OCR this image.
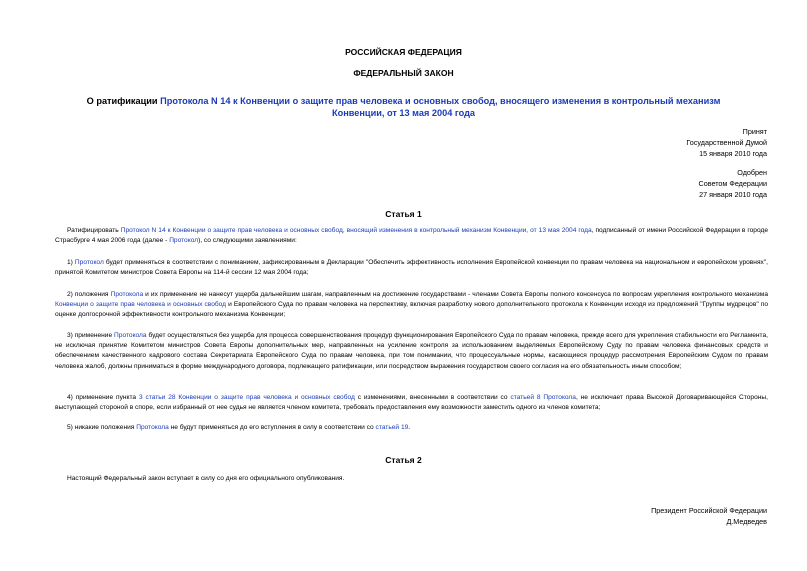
РОССИЙСКАЯ ФЕДЕРАЦИЯ
ФЕДЕРАЛЬНЫЙ ЗАКОН
О ратификации Протокола N 14 к Конвенции о защите прав человека и основных свобод, вносящего изменения в контрольный механизм Конвенции, от 13 мая 2004 года
Принят
Государственной Думой
15 января 2010 года
Одобрен
Советом Федерации
27 января 2010 года
Статья 1
Ратифицировать Протокол N 14 к Конвенции о защите прав человека и основных свобод, вносящий изменения в контрольный механизм Конвенции, от 13 мая 2004 года, подписанный от имени Российской Федерации в городе Страсбурге 4 мая 2006 года (далее - Протокол), со следующими заявлениями:
1) Протокол будет применяться в соответствии с пониманием, зафиксированным в Декларации "Обеспечить эффективность исполнения Европейской конвенции по правам человека на национальном и европейском уровнях", принятой Комитетом министров Совета Европы на 114-й сессии 12 мая 2004 года;
2) положения Протокола и их применение не нанесут ущерба дальнейшим шагам, направленным на достижение государствами - членами Совета Европы полного консенсуса по вопросам укрепления контрольного механизма Конвенции о защите прав человека и основных свобод и Европейского Суда по правам человека на перспективу, включая разработку нового дополнительного протокола к Конвенции исходя из предложений "Группы мудрецов" по оценке долгосрочной эффективности контрольного механизма Конвенции;
3) применение Протокола будет осуществляться без ущерба для процесса совершенствования процедур функционирования Европейского Суда по правам человека, прежде всего для укрепления стабильности его Регламента, не исключая принятие Комитетом министров Совета Европы дополнительных мер, направленных на усиление контроля за использованием выделяемых Европейскому Суду по правам человека финансовых средств и обеспечением качественного кадрового состава Секретариата Европейского Суда по правам человека, при том понимании, что процессуальные нормы, касающиеся процедур рассмотрения Европейским Судом по правам человека жалоб, должны приниматься в форме международного договора, подлежащего ратификации, или посредством выражения государством своего согласия на его обязательность иным способом;
4) применение пункта 3 статьи 28 Конвенции о защите прав человека и основных свобод с изменениями, внесенными в соответствии со статьей 8 Протокола, не исключает права Высокой Договаривающейся Стороны, выступающей стороной в споре, если избранный от нее судья не является членом комитета, требовать предоставления ему возможности заместить одного из членов комитета;
5) никакие положения Протокола не будут применяться до его вступления в силу в соответствии со статьей 19.
Статья 2
Настоящий Федеральный закон вступает в силу со дня его официального опубликования.
Президент Российской Федерации
Д.Медведев
